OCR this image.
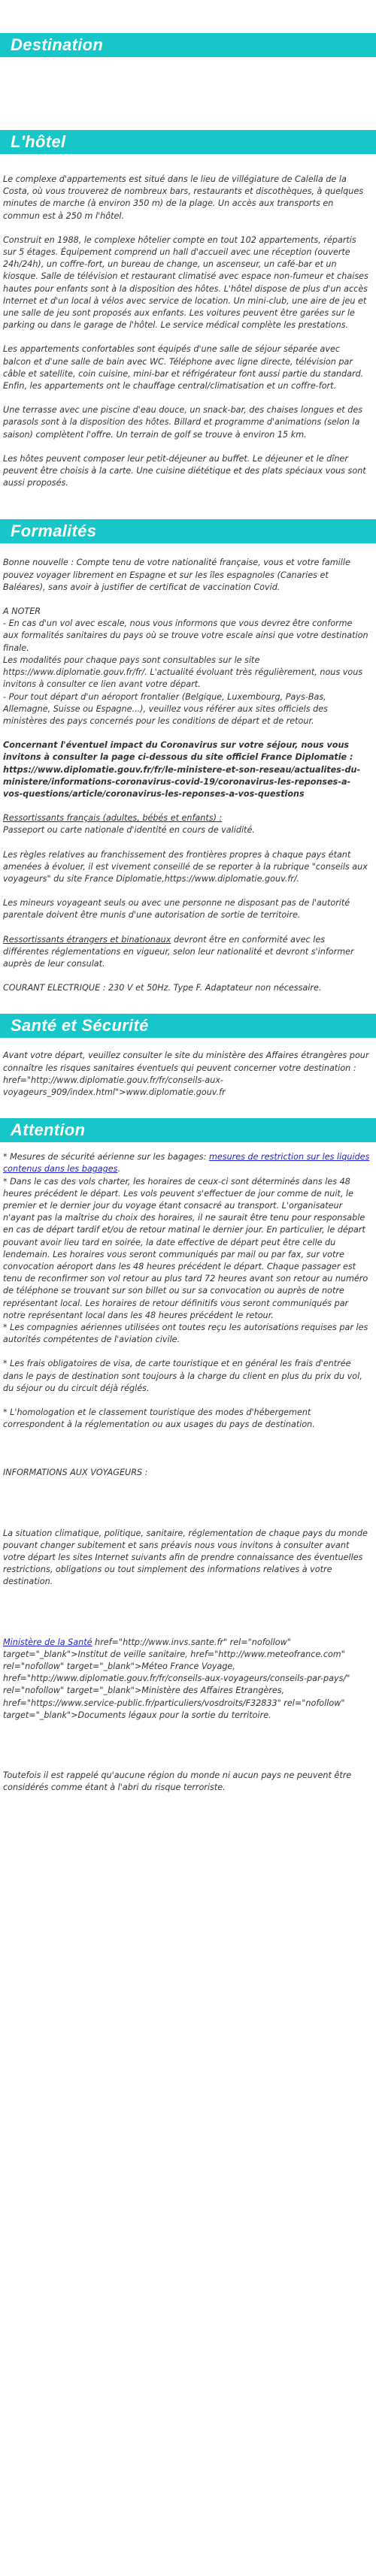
Destination
L'hôtel

Le complexe d'appartements est situé dans le lieu de villégiature de Calella de la Costa, où vous trouverez de nombreux bars, restaurants et discothèques, à quelques minutes de marche (à environ 350 m) de la plage. Un accès aux transports en commun est à 250 m l'hôtel.

Construit en 1988, le complexe hôtelier compte en tout 102 appartements, répartis sur 5 étages. Équipement comprend un hall d'accueil avec une réception (ouverte 24h/24h), un coffre-fort, un bureau de change, un ascenseur, un café-bar et un kiosque. Salle de télévision et restaurant climatisé avec espace non-fumeur et chaises hautes pour enfants sont à la disposition des hôtes. L'hôtel dispose de plus d'un accès Internet et d'un local à vélos avec service de location. Un mini-club, une aire de jeu et une salle de jeu sont proposés aux enfants. Les voitures peuvent être garées sur le parking ou dans le garage de l'hôtel. Le service médical complète les prestations.

Les appartements confortables sont équipés d'une salle de séjour séparée avec balcon et d'une salle de bain avec WC. Téléphone avec ligne directe, télévision par câble et satellite, coin cuisine, mini-bar et réfrigérateur font aussi partie du standard. Enfin, les appartements ont le chauffage central/climatisation et un coffre-fort.

Une terrasse avec une piscine d'eau douce, un snack-bar, des chaises longues et des parasols sont à la disposition des hôtes. Billard et programme d'animations (selon la saison) complètent l'offre. Un terrain de golf se trouve à environ 15 km.

Les hôtes peuvent composer leur petit-déjeuner au buffet. Le déjeuner et le dîner peuvent être choisis à la carte. Une cuisine diététique et des plats spéciaux vous sont aussi proposés.

Formalités

Bonne nouvelle : Compte tenu de votre nationalité française, vous et votre famille pouvez voyager librement en Espagne et sur les îles espagnoles (Canaries et Baléares), sans avoir à justifier de certificat de vaccination Covid.

A NOTER

- En cas d'un vol avec escale, nous vous informons que vous devrez être conforme aux formalités sanitaires du pays où se trouve votre escale ainsi que votre destination finale.

Les modalités pour chaque pays sont consultables sur le site https://www.diplomatie.gouv.fr/fr/. L'actualité évoluant très régulièrement, nous vous invitons à consulter ce lien avant votre départ.

- Pour tout départ d'un aéroport frontalier (Belgique, Luxembourg, Pays-Bas, Allemagne, Suisse ou Espagne...), veuillez vous référer aux sites officiels des ministères des pays concernés pour les conditions de départ et de retour.

Concernant l'éventuel impact du Coronavirus sur votre séjour, nous vous invitons à consulter la page ci-dessous du site officiel France Diplomatie : https://www.diplomatie.gouv.fr/fr/le-ministere-et-son-reseau/actualites-du-ministere/informations-coronavirus-covid-19/coronavirus-les-reponses-a-vos-questions/article/coronavirus-les-reponses-a-vos-questions

Ressortissants français (adultes, bébés et enfants) :
Passeport ou carte nationale d'identité en cours de validité.

Les règles relatives au franchissement des frontières propres à chaque pays étant amenées à évoluer, il est vivement conseillé de se reporter à la rubrique "conseils aux voyageurs" du site France Diplomatie,https://www.diplomatie.gouv.fr/.

Les mineurs voyageant seuls ou avec une personne ne disposant pas de l'autorité parentale doivent être munis d'une autorisation de sortie de territoire.

Ressortissants étrangers et binationaux devront être en conformité avec les différentes réglementations en vigueur, selon leur nationalité et devront s'informer auprès de leur consulat.

COURANT ELECTRIQUE : 230 V et 50Hz. Type F. Adaptateur non nécessaire.

Santé et Sécurité

Avant votre départ, veuillez consulter le site du ministère des Affaires étrangères pour connaître les risques sanitaires éventuels qui peuvent concerner votre destination : href="http://www.diplomatie.gouv.fr/fr/conseils-aux-voyageurs_909/index.html">www.diplomatie.gouv.fr

Attention

* Mesures de sécurité aérienne sur les bagages: mesures de restriction sur les liquides contenus dans les bagages.

* Dans le cas des vols charter, les horaires de ceux-ci sont déterminés dans les 48 heures précédent le départ. Les vols peuvent s'effectuer de jour comme de nuit, le premier et le dernier jour du voyage étant consacré au transport. L'organisateur n'ayant pas la maîtrise du choix des horaires, il ne saurait être tenu pour responsable en cas de départ tardif et/ou de retour matinal le dernier jour. En particulier, le départ pouvant avoir lieu tard en soirée, la date effective de départ peut être celle du lendemain. Les horaires vous seront communiqués par mail ou par fax, sur votre convocation aéroport dans les 48 heures précédent le départ. Chaque passager est tenu de reconfirmer son vol retour au plus tard 72 heures avant son retour au numéro de téléphone se trouvant sur son billet ou sur sa convocation ou auprès de notre représentant local. Les horaires de retour définitifs vous seront communiqués par notre représentant local dans les 48 heures précédent le retour.

* Les compagnies aériennes utilisées ont toutes reçu les autorisations requises par les autorités compétentes de l'aviation civile.

* Les frais obligatoires de visa, de carte touristique et en général les frais d'entrée dans le pays de destination sont toujours à la charge du client en plus du prix du vol, du séjour ou du circuit déjà réglés.

* L'homologation et le classement touristique des modes d'hébergement correspondent à la réglementation ou aux usages du pays de destination.

INFORMATIONS AUX VOYAGEURS :

La situation climatique, politique, sanitaire, réglementation de chaque pays du monde pouvant changer subitement et sans préavis nous vous invitons à consulter avant votre départ les sites Internet suivants afin de prendre connaissance des éventuelles restrictions, obligations ou tout simplement des informations relatives à votre destination.

Ministère de la Santé href="http://www.invs.sante.fr" rel="nofollow" target="_blank">Institut de veille sanitaire, href="http://www.meteofrance.com" rel="nofollow" target="_blank">Méteo France Voyage, href="http://www.diplomatie.gouv.fr/fr/conseils-aux-voyageurs/conseils-par-pays/" rel="nofollow" target="_blank">Ministère des Affaires Etrangères, href="https://www.service-public.fr/particuliers/vosdroits/F32833" rel="nofollow" target="_blank">Documents légaux pour la sortie du territoire.

Toutefois il est rappelé qu'aucune région du monde ni aucun pays ne peuvent être considérés comme étant à l'abri du risque terroriste.
